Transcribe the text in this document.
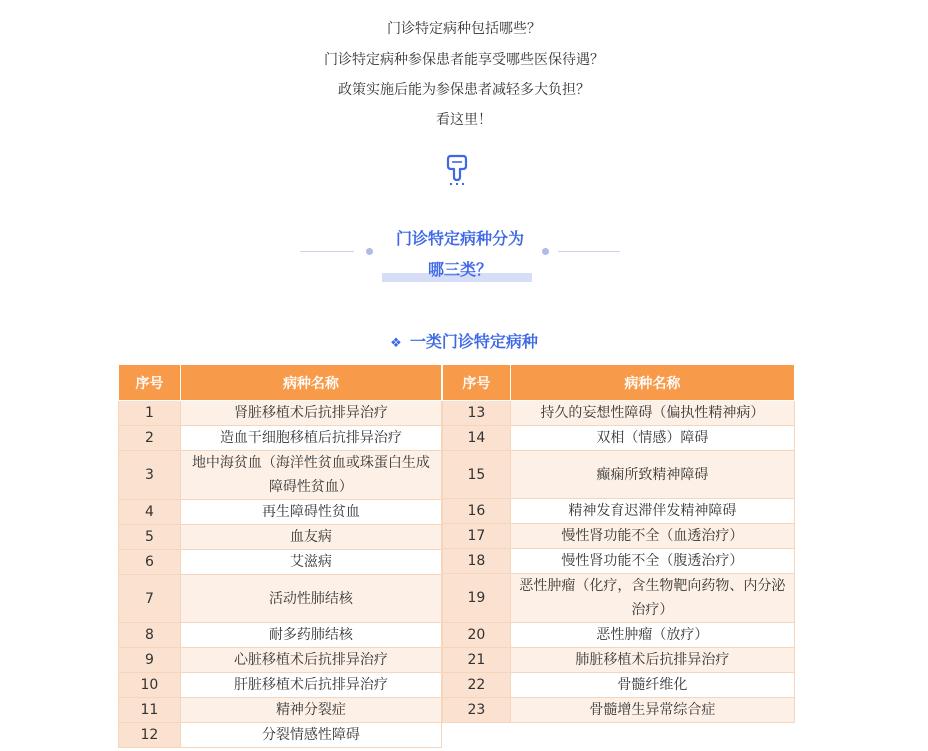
门诊特定病种包括哪些？
门诊特定病种参保患者能享受哪些医保待遇？
政策实施后能为参保患者减轻多大负担？
看这里！
门诊特定病种分为
哪三类？
❖ 一类门诊特定病种
序号	病种名称
1	肾脏移植术后抗排异治疗
2	造血干细胞移植后抗排异治疗
3	地中海贫血（海洋性贫血或珠蛋白生成障碍性贫血）
4	再生障碍性贫血
5	血友病
6	艾滋病
7	活动性肺结核
8	耐多药肺结核
9	心脏移植术后抗排异治疗
10	肝脏移植术后抗排异治疗
11	精神分裂症
12	分裂情感性障碍
序号	病种名称
13	持久的妄想性障碍（偏执性精神病）
14	双相（情感）障碍
15	癫痫所致精神障碍
16	精神发育迟滞伴发精神障碍
17	慢性肾功能不全（血透治疗）
18	慢性肾功能不全（腹透治疗）
19	恶性肿瘤（化疗，含生物靶向药物、内分泌治疗）
20	恶性肿瘤（放疗）
21	肺脏移植术后抗排异治疗
22	骨髓纤维化
23	骨髓增生异常综合症
